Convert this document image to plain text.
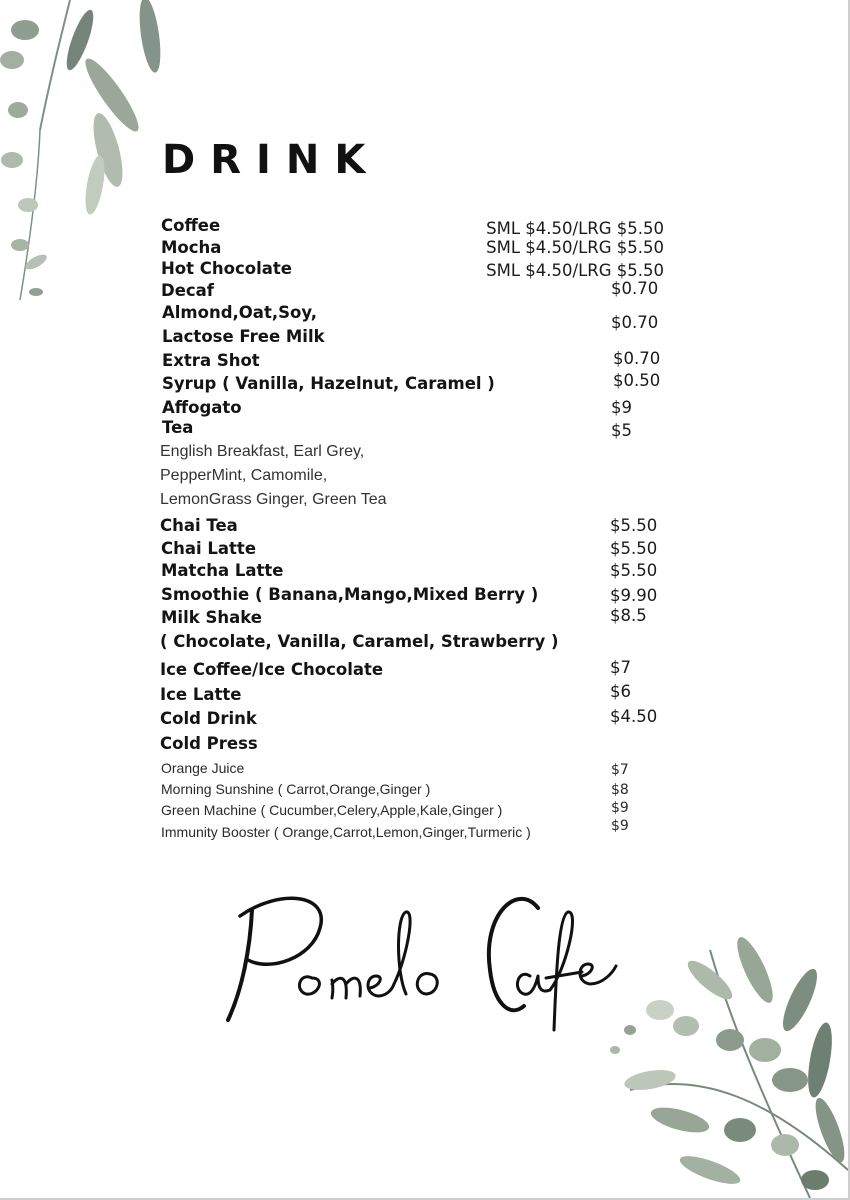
DRINK
Coffee	SML $4.50/LRG $5.50
Mocha	SML $4.50/LRG $5.50
Hot Chocolate	SML $4.50/LRG $5.50
Decaf	$0.70
Almond,Oat,Soy,
Lactose Free Milk
$0.70
Extra Shot	$0.70
Syrup ( Vanilla, Hazelnut, Caramel )	$0.50
Affogato	$9
Tea	$5
English Breakfast, Earl Grey,
PepperMint, Camomile,
LemonGrass Ginger, Green Tea
Chai Tea	$5.50
Chai Latte	$5.50
Matcha Latte	$5.50
Smoothie ( Banana,Mango,Mixed Berry )	$9.90
Milk Shake	$8.5
( Chocolate, Vanilla, Caramel, Strawberry )
Ice Coffee/Ice Chocolate	$7
Ice Latte	$6
Cold Drink	$4.50
Cold Press
Orange Juice	$7
Morning Sunshine ( Carrot,Orange,Ginger )	$8
Green Machine ( Cucumber,Celery,Apple,Kale,Ginger )	$9
Immunity Booster ( Orange,Carrot,Lemon,Ginger,Turmeric )	$9
